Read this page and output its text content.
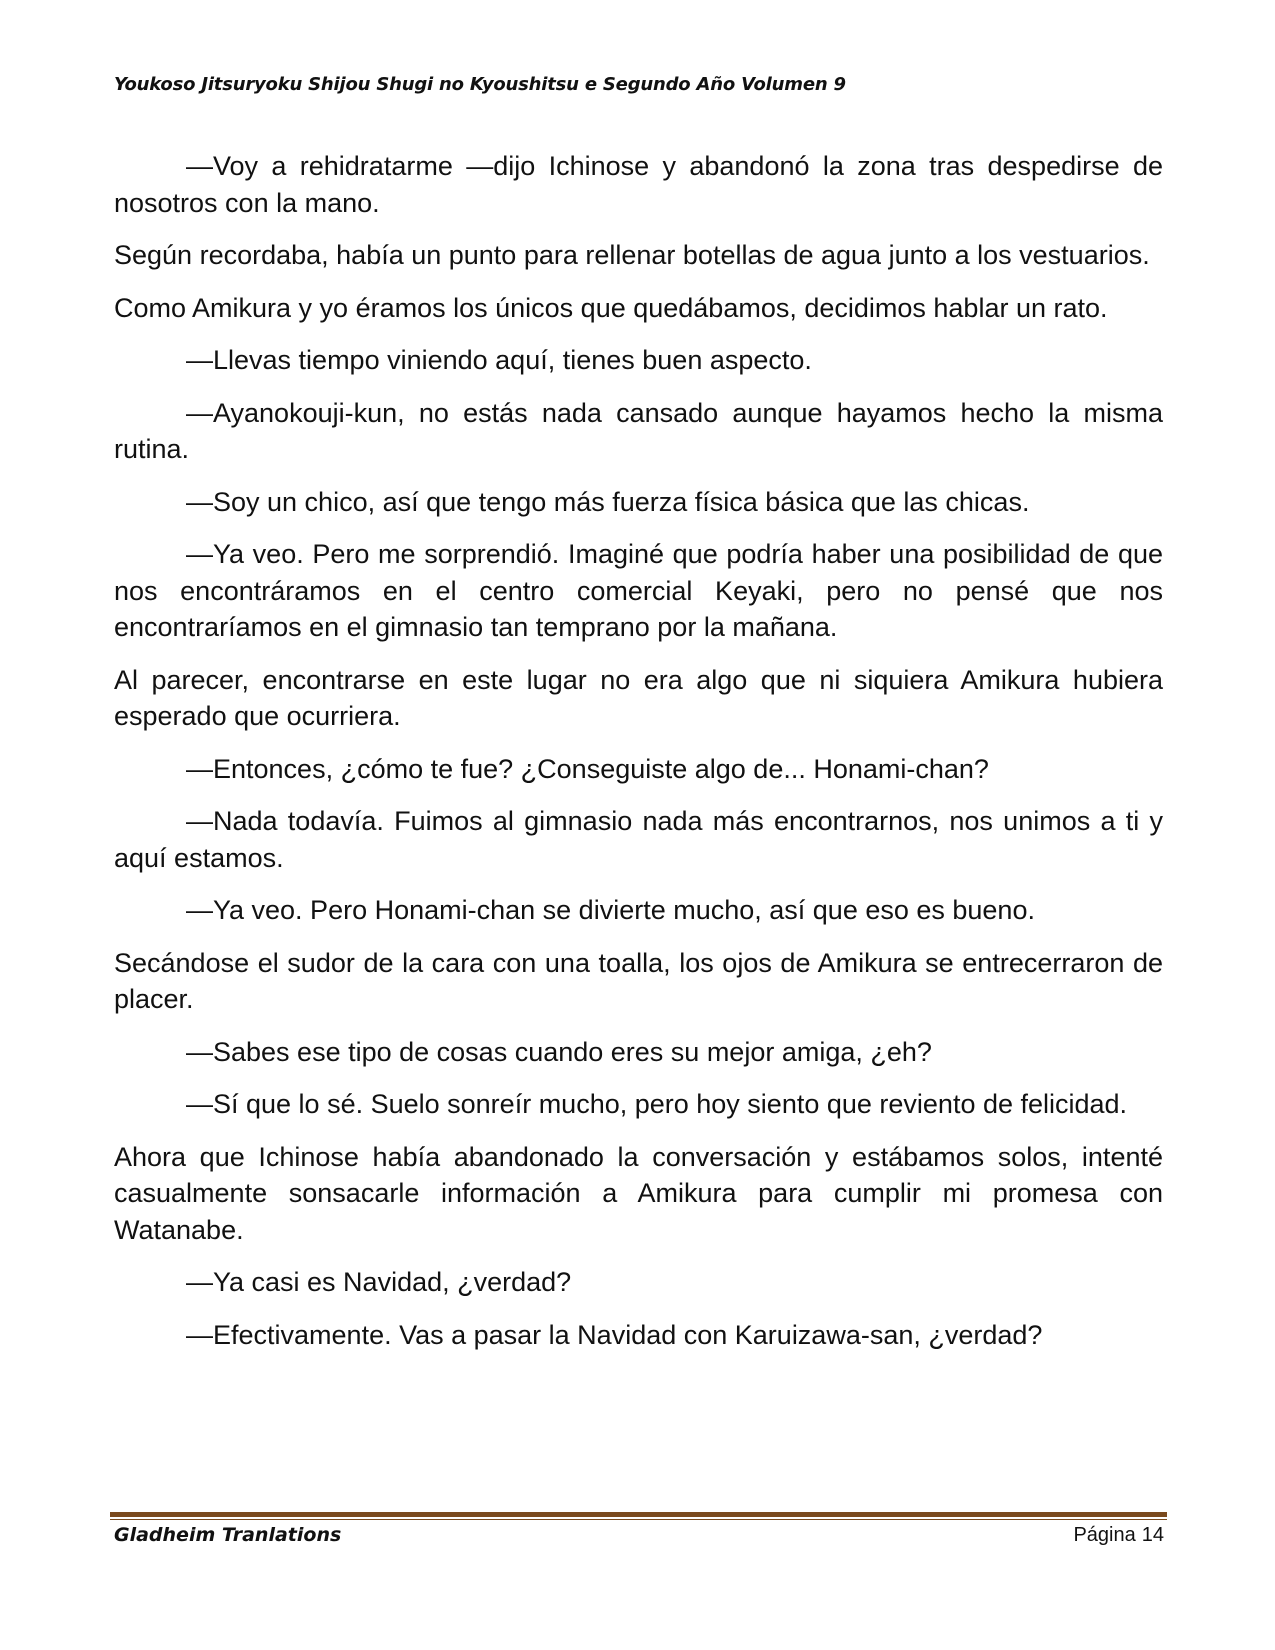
Youkoso Jitsuryoku Shijou Shugi no Kyoushitsu e Segundo Año Volumen 9

—Voy a rehidratarme —dijo Ichinose y abandonó la zona tras despedirse de nosotros con la mano.

Según recordaba, había un punto para rellenar botellas de agua junto a los vestuarios.

Como Amikura y yo éramos los únicos que quedábamos, decidimos hablar un rato.

—Llevas tiempo viniendo aquí, tienes buen aspecto.

—Ayanokouji-kun, no estás nada cansado aunque hayamos hecho la misma rutina.

—Soy un chico, así que tengo más fuerza física básica que las chicas.

—Ya veo. Pero me sorprendió. Imaginé que podría haber una posibilidad de que nos encontráramos en el centro comercial Keyaki, pero no pensé que nos encontraríamos en el gimnasio tan temprano por la mañana.

Al parecer, encontrarse en este lugar no era algo que ni siquiera Amikura hubiera esperado que ocurriera.

—Entonces, ¿cómo te fue? ¿Conseguiste algo de... Honami-chan?

—Nada todavía. Fuimos al gimnasio nada más encontrarnos, nos unimos a ti y aquí estamos.

—Ya veo. Pero Honami-chan se divierte mucho, así que eso es bueno.

Secándose el sudor de la cara con una toalla, los ojos de Amikura se entrecerraron de placer.

—Sabes ese tipo de cosas cuando eres su mejor amiga, ¿eh?

—Sí que lo sé. Suelo sonreír mucho, pero hoy siento que reviento de felicidad.

Ahora que Ichinose había abandonado la conversación y estábamos solos, intenté casualmente sonsacarle información a Amikura para cumplir mi promesa con Watanabe.

—Ya casi es Navidad, ¿verdad?

—Efectivamente. Vas a pasar la Navidad con Karuizawa-san, ¿verdad?

Gladheim Tranlations	Página 14
